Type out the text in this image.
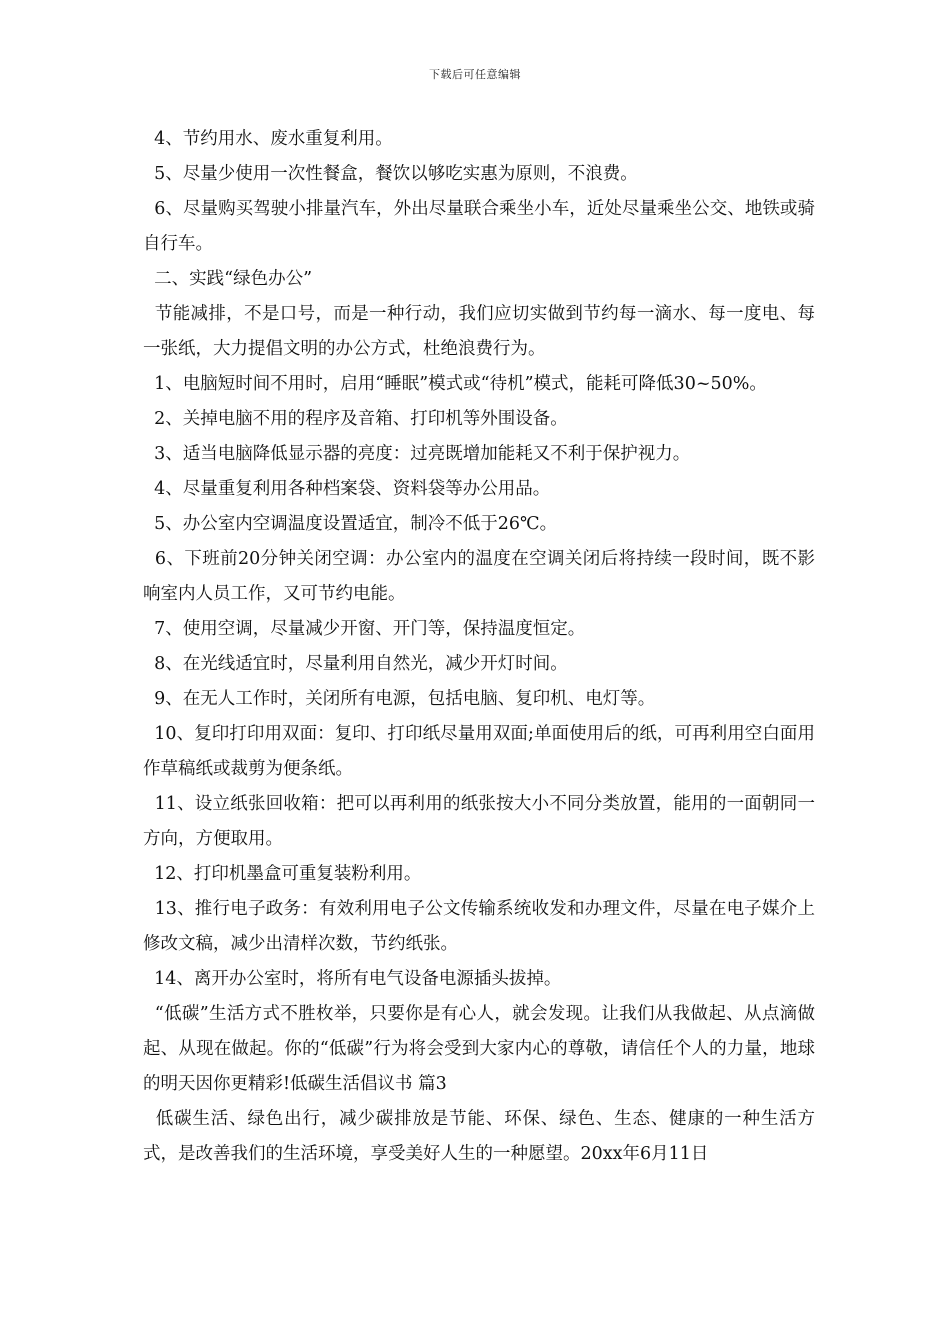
下载后可任意编辑

4、节约用水、废水重复利用。

5、尽量少使用一次性餐盒，餐饮以够吃实惠为原则，不浪费。

6、尽量购买驾驶小排量汽车，外出尽量联合乘坐小车，近处尽量乘坐公交、地铁或骑自行车。

二、实践“绿色办公”

节能减排，不是口号，而是一种行动，我们应切实做到节约每一滴水、每一度电、每一张纸，大力提倡文明的办公方式，杜绝浪费行为。

1、电脑短时间不用时，启用“睡眠”模式或“待机”模式，能耗可降低30~50%。

2、关掉电脑不用的程序及音箱、打印机等外围设备。

3、适当电脑降低显示器的亮度：过亮既增加能耗又不利于保护视力。

4、尽量重复利用各种档案袋、资料袋等办公用品。

5、办公室内空调温度设置适宜，制冷不低于26℃。

6、下班前20分钟关闭空调：办公室内的温度在空调关闭后将持续一段时间，既不影响室内人员工作，又可节约电能。

7、使用空调，尽量减少开窗、开门等，保持温度恒定。

8、在光线适宜时，尽量利用自然光，减少开灯时间。

9、在无人工作时，关闭所有电源，包括电脑、复印机、电灯等。

10、复印打印用双面：复印、打印纸尽量用双面;单面使用后的纸，可再利用空白面用作草稿纸或裁剪为便条纸。

11、设立纸张回收箱：把可以再利用的纸张按大小不同分类放置，能用的一面朝同一方向，方便取用。

12、打印机墨盒可重复装粉利用。

13、推行电子政务：有效利用电子公文传输系统收发和办理文件，尽量在电子媒介上修改文稿，减少出清样次数，节约纸张。

14、离开办公室时，将所有电气设备电源插头拔掉。

“低碳”生活方式不胜枚举，只要你是有心人，就会发现。让我们从我做起、从点滴做起、从现在做起。你的“低碳”行为将会受到大家内心的尊敬，请信任个人的力量，地球的明天因你更精彩!低碳生活倡议书 篇3

低碳生活、绿色出行，减少碳排放是节能、环保、绿色、生态、健康的一种生活方式，是改善我们的生活环境，享受美好人生的一种愿望。20xx年6月11日
